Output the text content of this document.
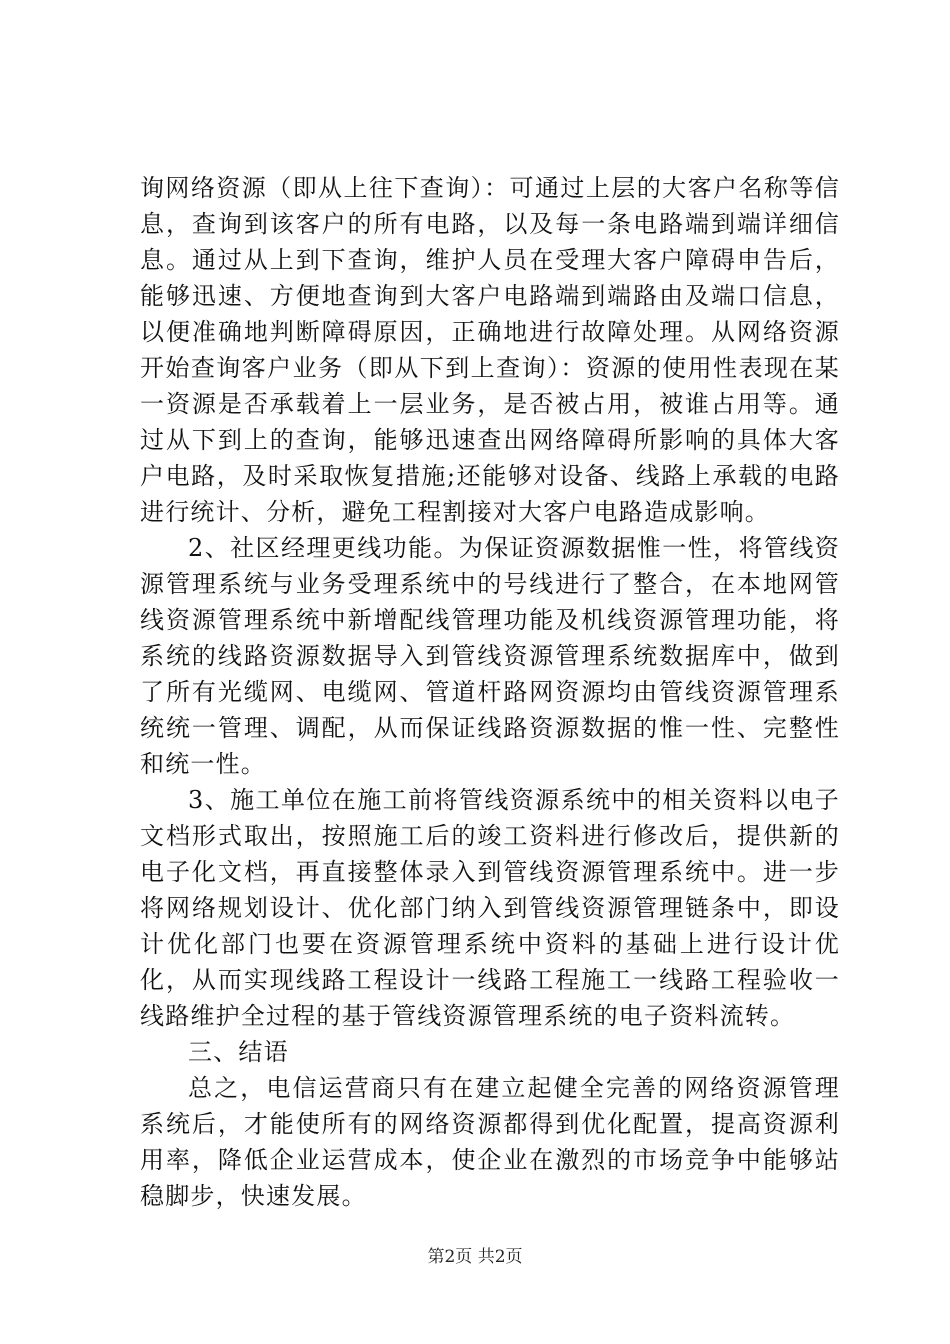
询网络资源（即从上往下查询）：可通过上层的大客户名称等信息，查询到该客户的所有电路，以及每一条电路端到端详细信息。通过从上到下查询，维护人员在受理大客户障碍申告后，能够迅速、方便地查询到大客户电路端到端路由及端口信息，以便准确地判断障碍原因，正确地进行故障处理。从网络资源开始查询客户业务（即从下到上查询）：资源的使用性表现在某一资源是否承载着上一层业务，是否被占用，被谁占用等。通过从下到上的查询，能够迅速查出网络障碍所影响的具体大客户电路，及时采取恢复措施;还能够对设备、线路上承载的电路进行统计、分析，避免工程割接对大客户电路造成影响。

2、社区经理更线功能。为保证资源数据惟一性，将管线资源管理系统与业务受理系统中的号线进行了整合，在本地网管线资源管理系统中新增配线管理功能及机线资源管理功能，将系统的线路资源数据导入到管线资源管理系统数据库中，做到了所有光缆网、电缆网、管道杆路网资源均由管线资源管理系统统一管理、调配，从而保证线路资源数据的惟一性、完整性和统一性。

3、施工单位在施工前将管线资源系统中的相关资料以电子文档形式取出，按照施工后的竣工资料进行修改后，提供新的电子化文档，再直接整体录入到管线资源管理系统中。进一步将网络规划设计、优化部门纳入到管线资源管理链条中，即设计优化部门也要在资源管理系统中资料的基础上进行设计优化，从而实现线路工程设计一线路工程施工一线路工程验收一线路维护全过程的基于管线资源管理系统的电子资料流转。

三、结语

总之，电信运营商只有在建立起健全完善的网络资源管理系统后，才能使所有的网络资源都得到优化配置，提高资源利用率，降低企业运营成本，使企业在激烈的市场竞争中能够站稳脚步，快速发展。

第2页 共2页
